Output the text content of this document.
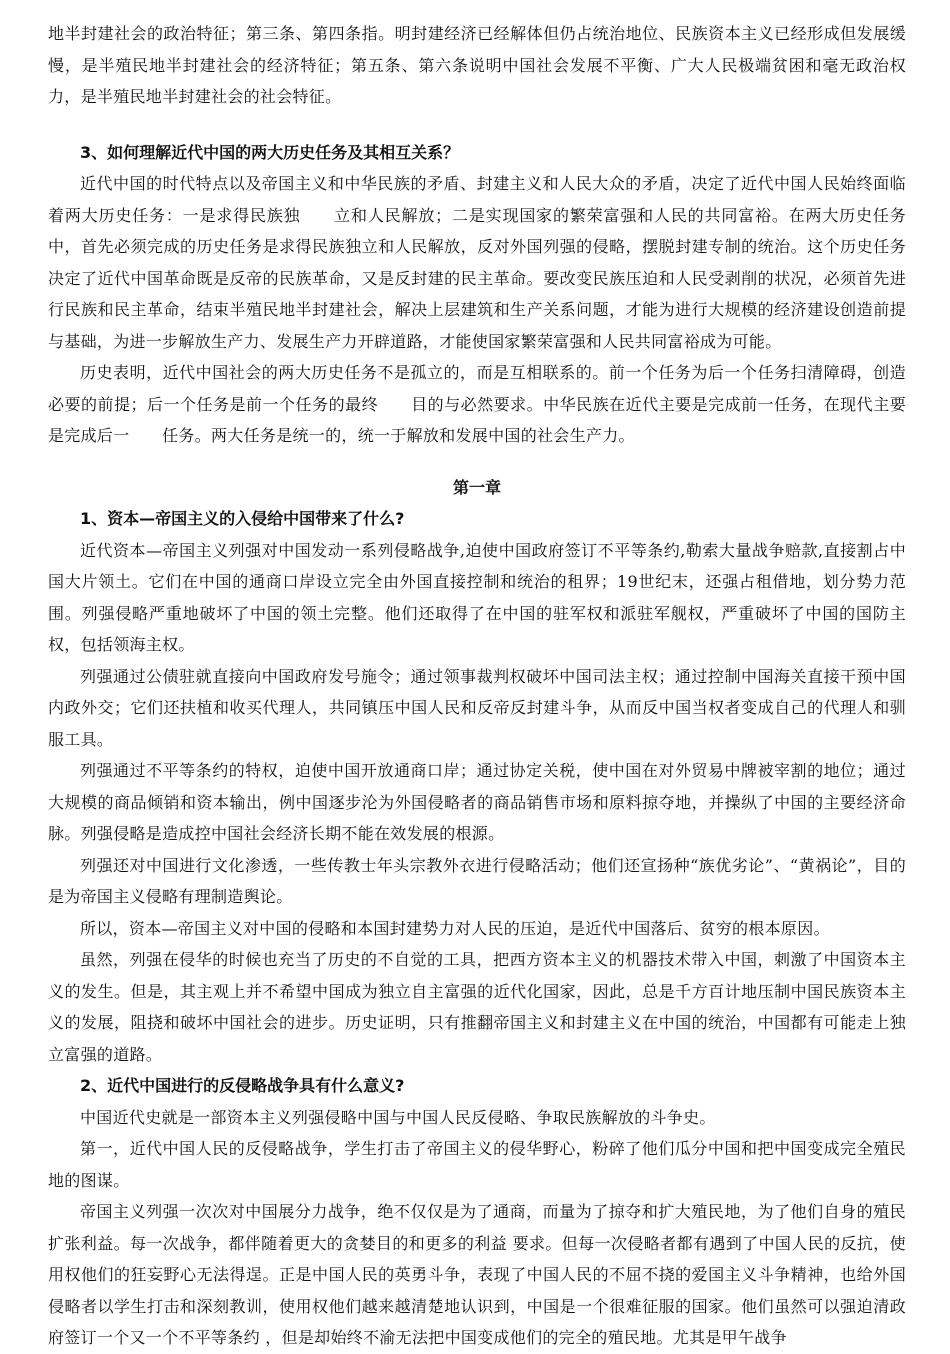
地半封建社会的政治特征；第三条、第四条指。明封建经济已经解体但仍占统治地位、民族资本主义已经形成但发展缓慢，是半殖民地半封建社会的经济特征；第五条、第六条说明中国社会发展不平衡、广大人民极端贫困和毫无政治权力，是半殖民地半封建社会的社会特征。

3、如何理解近代中国的两大历史任务及其相互关系？

近代中国的时代特点以及帝国主义和中华民族的矛盾、封建主义和人民大众的矛盾，决定了近代中国人民始终面临着两大历史任务：一是求得民族独　　立和人民解放；二是实现国家的繁荣富强和人民的共同富裕。在两大历史任务中，首先必须完成的历史任务是求得民族独立和人民解放，反对外国列强的侵略，摆脱封建专制的统治。这个历史任务决定了近代中国革命既是反帝的民族革命，又是反封建的民主革命。要改变民族压迫和人民受剥削的状况，必须首先进行民族和民主革命，结束半殖民地半封建社会，解决上层建筑和生产关系问题，才能为进行大规模的经济建设创造前提与基础，为进一步解放生产力、发展生产力开辟道路，才能使国家繁荣富强和人民共同富裕成为可能。

历史表明，近代中国社会的两大历史任务不是孤立的，而是互相联系的。前一个任务为后一个任务扫清障碍，创造必要的前提；后一个任务是前一个任务的最终　　目的与必然要求。中华民族在近代主要是完成前一任务，在现代主要是完成后一　　任务。两大任务是统一的，统一于解放和发展中国的社会生产力。

第一章
1、资本—帝国主义的入侵给中国带来了什么?

近代资本—帝国主义列强对中国发动一系列侵略战争,迫使中国政府签订不平等条约,勒索大量战争赔款,直接割占中国大片领土。它们在中国的通商口岸设立完全由外国直接控制和统治的租界；19世纪末，还强占租借地，划分势力范围。列强侵略严重地破坏了中国的领土完整。他们还取得了在中国的驻军权和派驻军舰权，严重破坏了中国的国防主权，包括领海主权。

列强通过公债驻就直接向中国政府发号施令；通过领事裁判权破坏中国司法主权；通过控制中国海关直接干预中国内政外交；它们还扶植和收买代理人，共同镇压中国人民和反帝反封建斗争，从而反中国当权者变成自己的代理人和驯服工具。

列强通过不平等条约的特权，迫使中国开放通商口岸；通过协定关税，使中国在对外贸易中牌被宰割的地位；通过大规模的商品倾销和资本输出，例中国逐步沦为外国侵略者的商品销售市场和原料掠夺地，并操纵了中国的主要经济命脉。列强侵略是造成控中国社会经济长期不能在效发展的根源。

列强还对中国进行文化渗透，一些传教士年头宗教外衣进行侵略活动；他们还宣扬种“族优劣论”、“黄祸论”，目的是为帝国主义侵略有理制造舆论。

所以，资本—帝国主义对中国的侵略和本国封建势力对人民的压迫，是近代中国落后、贫穷的根本原因。

虽然，列强在侵华的时候也充当了历史的不自觉的工具，把西方资本主义的机器技术带入中国，刺激了中国资本主义的发生。但是，其主观上并不希望中国成为独立自主富强的近代化国家，因此，总是千方百计地压制中国民族资本主义的发展，阻挠和破坏中国社会的进步。历史证明，只有推翻帝国主义和封建主义在中国的统治，中国都有可能走上独立富强的道路。

2、近代中国进行的反侵略战争具有什么意义?

中国近代史就是一部资本主义列强侵略中国与中国人民反侵略、争取民族解放的斗争史。

第一，近代中国人民的反侵略战争，学生打击了帝国主义的侵华野心，粉碎了他们瓜分中国和把中国变成完全殖民地的图谋。

帝国主义列强一次次对中国展分力战争，绝不仅仅是为了通商，而量为了掠夺和扩大殖民地，为了他们自身的殖民扩张利益。每一次战争，都伴随着更大的贪婪目的和更多的利益 要求。但每一次侵略者都有遇到了中国人民的反抗，使用权他们的狂妄野心无法得逞。正是中国人民的英勇斗争，表现了中国人民的不屈不挠的爱国主义斗争精神，也给外国侵略者以学生打击和深刻教训，使用权他们越来越清楚地认识到，中国是一个很难征服的国家。他们虽然可以强迫清政府签订一个又一个不平等条约 ，但是却始终不渝无法把中国变成他们的完全的殖民地。尤其是甲午战争
